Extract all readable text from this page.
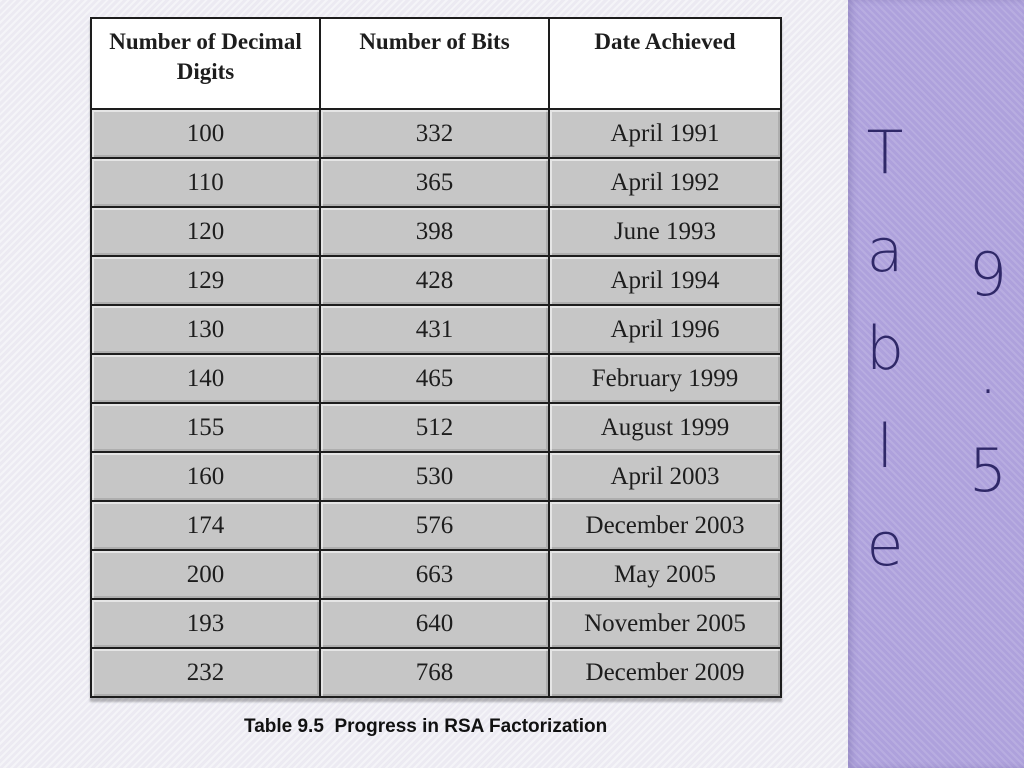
T
a
b
l
e
9
.
5
Number of Decimal Digits	Number of Bits	Date Achieved
100	332	April 1991
110	365	April 1992
120	398	June 1993
129	428	April 1994
130	431	April 1996
140	465	February 1999
155	512	August 1999
160	530	April 2003
174	576	December 2003
200	663	May 2005
193	640	November 2005
232	768	December 2009
Table 9.5  Progress in RSA Factorization
